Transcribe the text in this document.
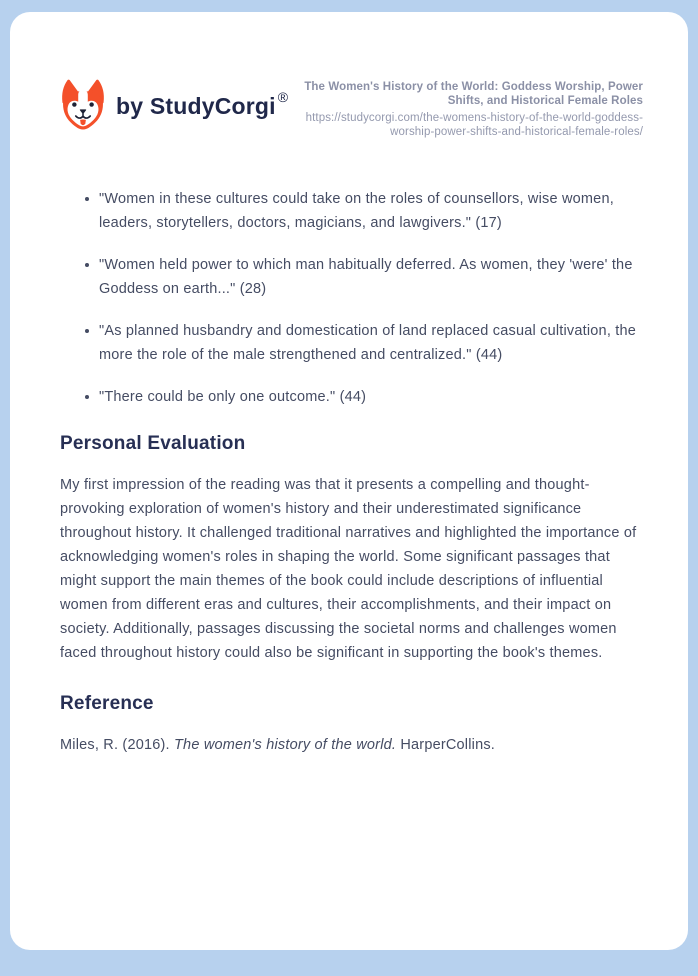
by StudyCorgi ®

The Women's History of the World: Goddess Worship, Power Shifts, and Historical Female Roles

https://studycorgi.com/the-womens-history-of-the-world-goddess-worship-power-shifts-and-historical-female-roles/

"Women in these cultures could take on the roles of counsellors, wise women, leaders, storytellers, doctors, magicians, and lawgivers." (17)
"Women held power to which man habitually deferred. As women, they 'were' the Goddess on earth..." (28)
"As planned husbandry and domestication of land replaced casual cultivation, the more the role of the male strengthened and centralized." (44)
"There could be only one outcome." (44)
Personal Evaluation

My first impression of the reading was that it presents a compelling and thought-provoking exploration of women's history and their underestimated significance throughout history. It challenged traditional narratives and highlighted the importance of acknowledging women's roles in shaping the world. Some significant passages that might support the main themes of the book could include descriptions of influential women from different eras and cultures, their accomplishments, and their impact on society. Additionally, passages discussing the societal norms and challenges women faced throughout history could also be significant in supporting the book's themes.

Reference

Miles, R. (2016). The women's history of the world. HarperCollins.
